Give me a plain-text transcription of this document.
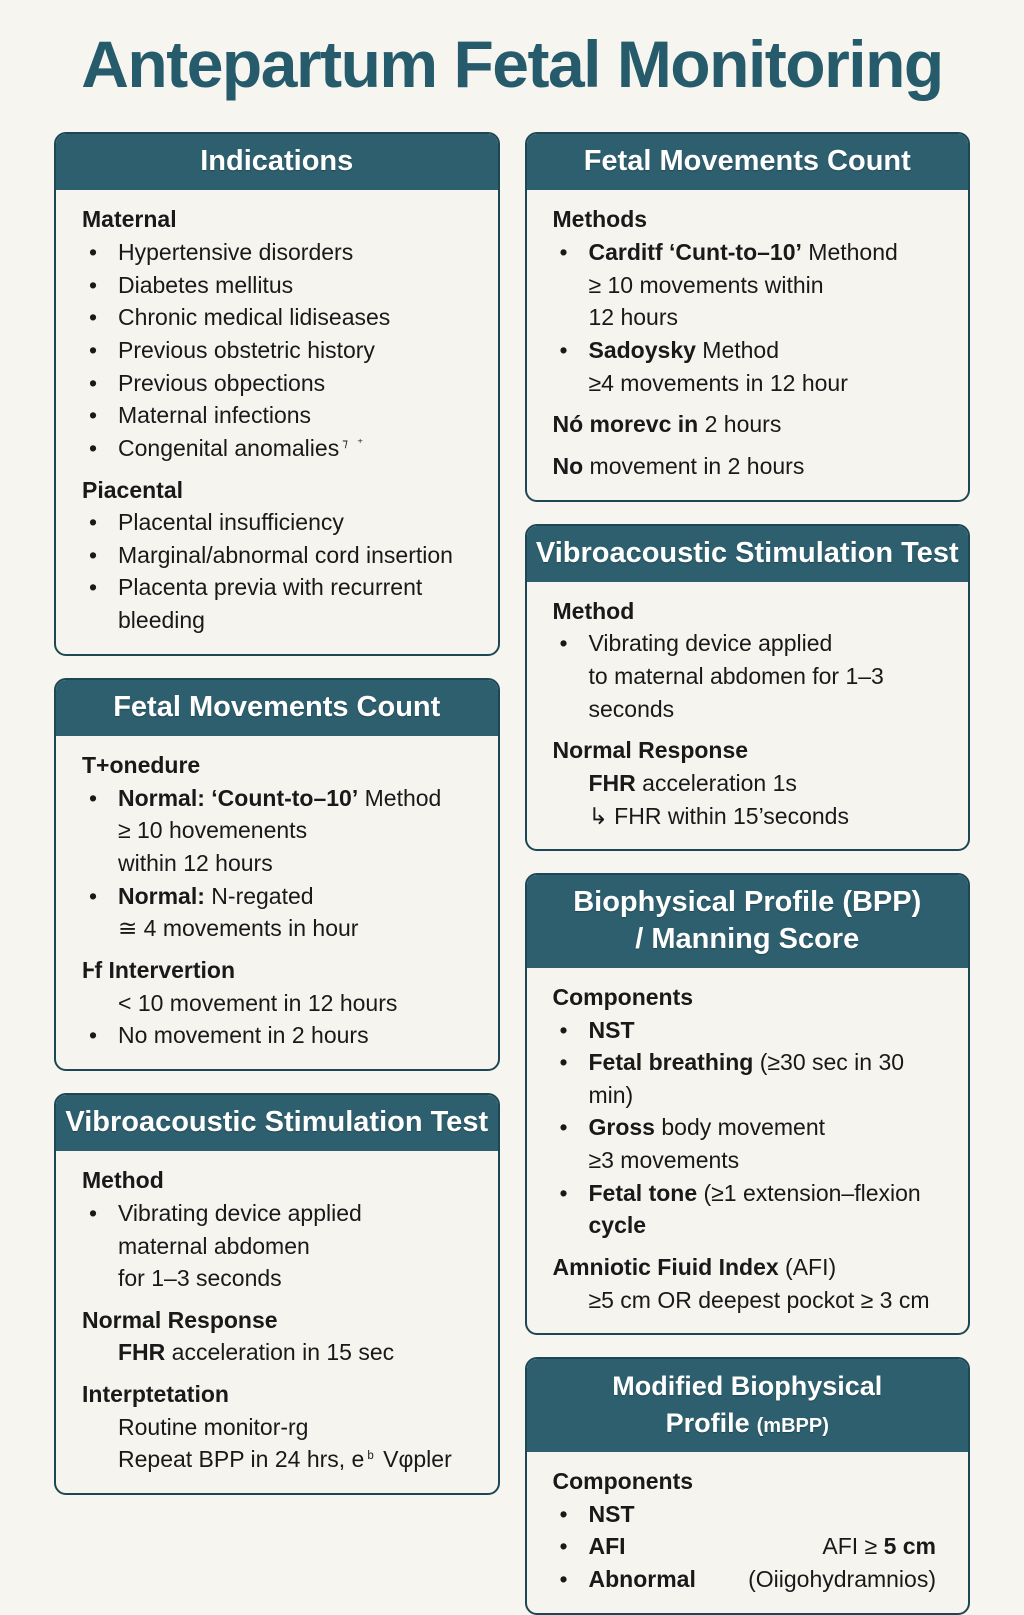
Antepartum Fetal Monitoring
Indications
Maternal
• Hypertensive disorders
• Diabetes mellitus
• Chronic medical lidiseases
• Previous obstetric history
• Previous obpections
• Maternal infections
• Congenital anomalies ⁊ ⁺
Piacental
• Placental insufficiency
• Marginal/abnormal cord insertion
• Placenta previa with recurrent
bleeding
Fetal Movements Count
T+onedure
• Normal: ‘Count-to–10’ Method
≥ 10 hovemenents
within 12 hours
• Normal: N-regated
≅ 4 movements in hour
Ⱶf Intervertion
< 10 movement in 12 hours
• No movement in 2 hours
Vibroacoustic Stimulation Test
Method
• Vibrating device applied
maternal abdomen
for 1–3 seconds
Normal Response
FHR acceleration in 15 sec
Interptetation
Routine monitor-rg
Repeat BPP in 24 hrs, e $^b$ Vφpler
Fetal Movements Count
Methods
• Carditf ‘Cunt-to–10’ Methond
≥ 10 movements within
12 hours
• Sadoysky Method
≥4 movements in 12 hour
Nó morevc in 2 hours
No movement in 2 hours
Vibroacoustic Stimulation Test
Method
• Vibrating device applied
to maternal abdomen for 1–3
seconds
Normal Response
FHR acceleration 1s
↳ FHR within 15’seconds
Biophysical Profile (BPP)
/ Manning Score
Components
• NST
• Fetal breathing (≥30 sec in 30 min)
• Gross body movement
≥3 movements
• Fetal tone (≥1 extension–flexion
cycle
Amniotic Fiuid Index (AFI)
≥5 cm OR deepest pockot ≥ 3 cm
Modified Biophysical Profile (mBPP)
Components
• NST
• AFI	AFI ≥ 5 cm
• Abnormal (Oiigohydramnios)
